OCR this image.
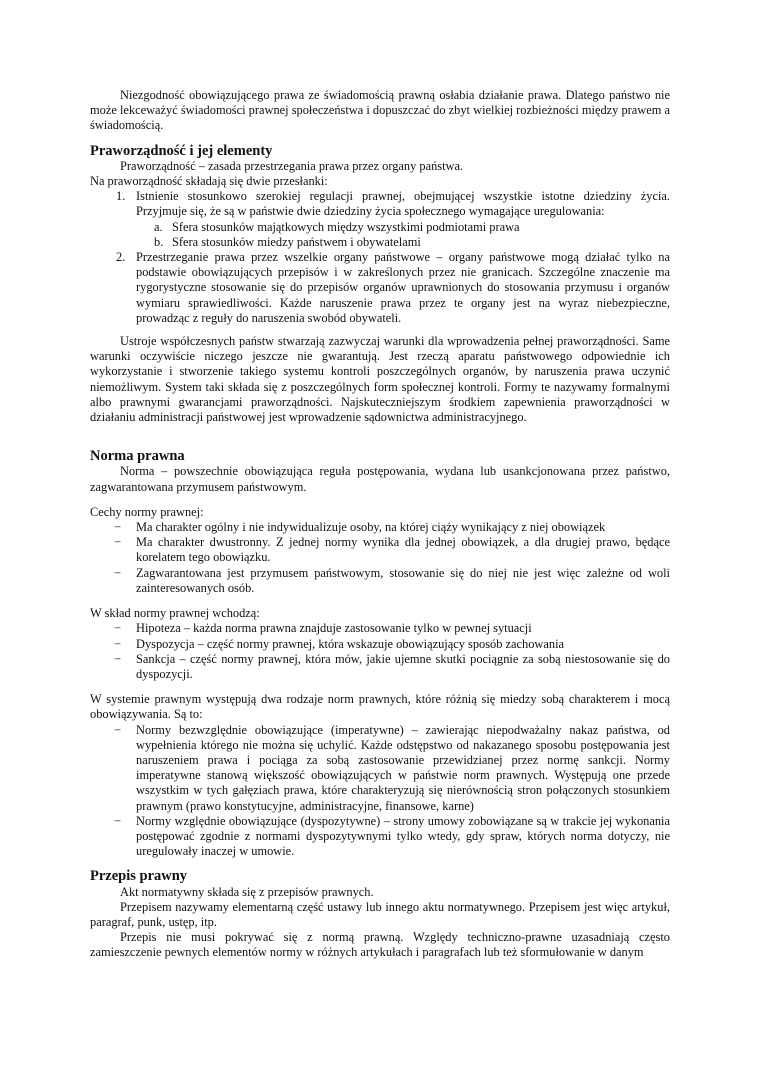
Niezgodność obowiązującego prawa ze świadomością prawną osłabia działanie prawa. Dlatego państwo nie może lekceważyć świadomości prawnej społeczeństwa i dopuszczać do zbyt wielkiej rozbieżności między prawem a świadomością.

Praworządność i jej elementy

Praworządność – zasada przestrzegania prawa przez organy państwa.

Na praworządność składają się dwie przesłanki:

1. Istnienie stosunkowo szerokiej regulacji prawnej, obejmującej wszystkie istotne dziedziny życia. Przyjmuje się, że są w państwie dwie dziedziny życia społecznego wymagające uregulowania:
a. Sfera stosunków majątkowych między wszystkimi podmiotami prawa
b. Sfera stosunków miedzy państwem i obywatelami
2. Przestrzeganie prawa przez wszelkie organy państwowe – organy państwowe mogą działać tylko na podstawie obowiązujących przepisów i w zakreślonych przez nie granicach. Szczególne znaczenie ma rygorystyczne stosowanie się do przepisów organów uprawnionych do stosowania przymusu i organów wymiaru sprawiedliwości. Każde naruszenie prawa przez te organy jest na wyraz niebezpieczne, prowadząc z reguły do naruszenia swobód obywateli.

Ustroje współczesnych państw stwarzają zazwyczaj warunki dla wprowadzenia pełnej praworządności. Same warunki oczywiście niczego jeszcze nie gwarantują. Jest rzeczą aparatu państwowego odpowiednie ich wykorzystanie i stworzenie takiego systemu kontroli poszczególnych organów, by naruszenia prawa uczynić niemożliwym. System taki składa się z poszczególnych form społecznej kontroli. Formy te nazywamy formalnymi albo prawnymi gwarancjami praworządności. Najskuteczniejszym środkiem zapewnienia praworządności w działaniu administracji państwowej jest wprowadzenie sądownictwa administracyjnego.

Norma prawna

Norma – powszechnie obowiązująca reguła postępowania, wydana lub usankcjonowana przez państwo, zagwarantowana przymusem państwowym.

Cechy normy prawnej:

− Ma charakter ogólny i nie indywidualizuje osoby, na której ciąży wynikający z niej obowiązek
− Ma charakter dwustronny. Z jednej normy wynika dla jednej obowiązek, a dla drugiej prawo, będące korelatem tego obowiązku.
− Zagwarantowana jest przymusem państwowym, stosowanie się do niej nie jest więc zależne od woli zainteresowanych osób.

W skład normy prawnej wchodzą:

− Hipoteza – każda norma prawna znajduje zastosowanie tylko w pewnej sytuacji
− Dyspozycja – część normy prawnej, która wskazuje obowiązujący sposób zachowania
− Sankcja – część normy prawnej, która mów, jakie ujemne skutki pociągnie za sobą niestosowanie się do dyspozycji.

W systemie prawnym występują dwa rodzaje norm prawnych, które różnią się miedzy sobą charakterem i mocą obowiązywania. Są to:

− Normy bezwzględnie obowiązujące (imperatywne) – zawierając niepodważalny nakaz państwa, od wypełnienia którego nie można się uchylić. Każde odstępstwo od nakazanego sposobu postępowania jest naruszeniem prawa i pociąga za sobą zastosowanie przewidzianej przez normę sankcji. Normy imperatywne stanową większość obowiązujących w państwie norm prawnych. Występują one przede wszystkim w tych gałęziach prawa, które charakteryzują się nierównością stron połączonych stosunkiem prawnym (prawo konstytucyjne, administracyjne, finansowe, karne)
− Normy względnie obowiązujące (dyspozytywne) – strony umowy zobowiązane są w trakcie jej wykonania postępować zgodnie z normami dyspozytywnymi tylko wtedy, gdy spraw, których norma dotyczy, nie uregulowały inaczej w umowie.
Przepis prawny

Akt normatywny składa się z przepisów prawnych.

Przepisem nazywamy elementarną część ustawy lub innego aktu normatywnego. Przepisem jest więc artykuł, paragraf, punk, ustęp, itp.

Przepis nie musi pokrywać się z normą prawną. Względy techniczno-prawne uzasadniają często zamieszczenie pewnych elementów normy w różnych artykułach i paragrafach lub też sformułowanie w danym
